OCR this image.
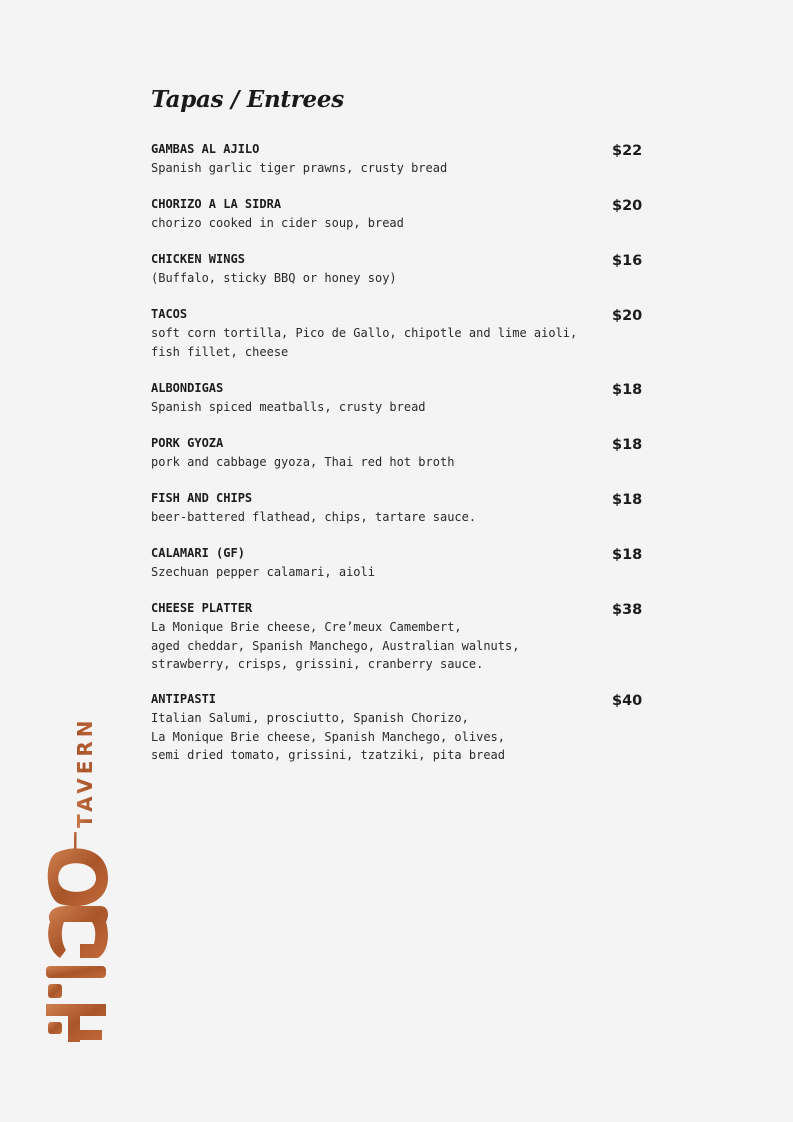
Tapas / Entrees
GAMBAS AL AJILO
Spanish garlic tiger prawns, crusty bread
$22
CHORIZO A LA SIDRA
chorizo cooked in cider soup, bread
$20
CHICKEN WINGS
(Buffalo, sticky BBQ or honey soy)
$16
TACOS
soft corn tortilla, Pico de Gallo, chipotle and lime aioli,
fish fillet, cheese
$20
ALBONDIGAS
Spanish spiced meatballs, crusty bread
$18
PORK GYOZA
pork and cabbage gyoza, Thai red hot broth
$18
FISH AND CHIPS
beer-battered flathead, chips, tartare sauce.
$18
CALAMARI (GF)
Szechuan pepper calamari, aioli
$18
CHEESE PLATTER
La Monique Brie cheese, Cre’meux Camembert,
aged cheddar, Spanish Manchego, Australian walnuts,
strawberry, crisps, grissini, cranberry sauce.
$38
ANTIPASTI
Italian Salumi, prosciutto, Spanish Chorizo,
La Monique Brie cheese, Spanish Manchego, olives,
semi dried tomato, grissini, tzatziki, pita bread
$40
TAVERN
